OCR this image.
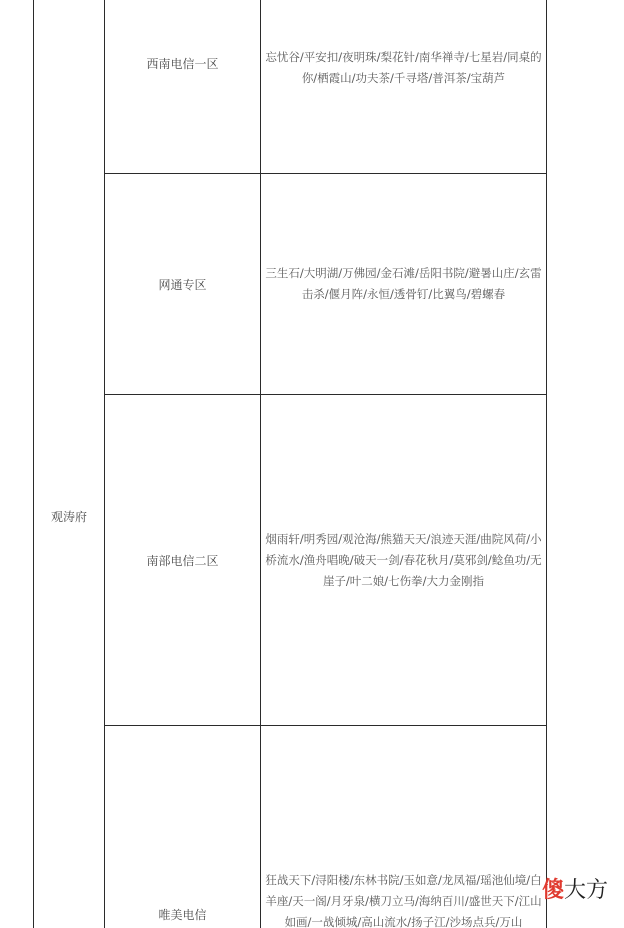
观涛府
西南电信一区
忘忧谷/平安扣/夜明珠/梨花针/南华禅寺/七星岩/同桌的你/栖霞山/功夫茶/千寻塔/普洱茶/宝葫芦
网通专区
三生石/大明湖/万佛园/金石滩/岳阳书院/避暑山庄/玄雷击杀/偃月阵/永恒/透骨钉/比翼鸟/碧螺春
南部电信二区
烟雨轩/明秀园/观沧海/熊猫天天/浪迹天涯/曲院风荷/小桥流水/渔舟唱晚/破天一剑/春花秋月/莫邪剑/鲶鱼功/无崖子/叶二娘/七伤拳/大力金刚指
唯美电信
狂战天下/浔阳楼/东林书院/玉如意/龙凤福/瑶池仙境/白羊座/天一阁/月牙泉/横刀立马/海纳百川/盛世天下/江山如画/一战倾城/高山流水/扬子江/沙场点兵/万山
傻 大方
